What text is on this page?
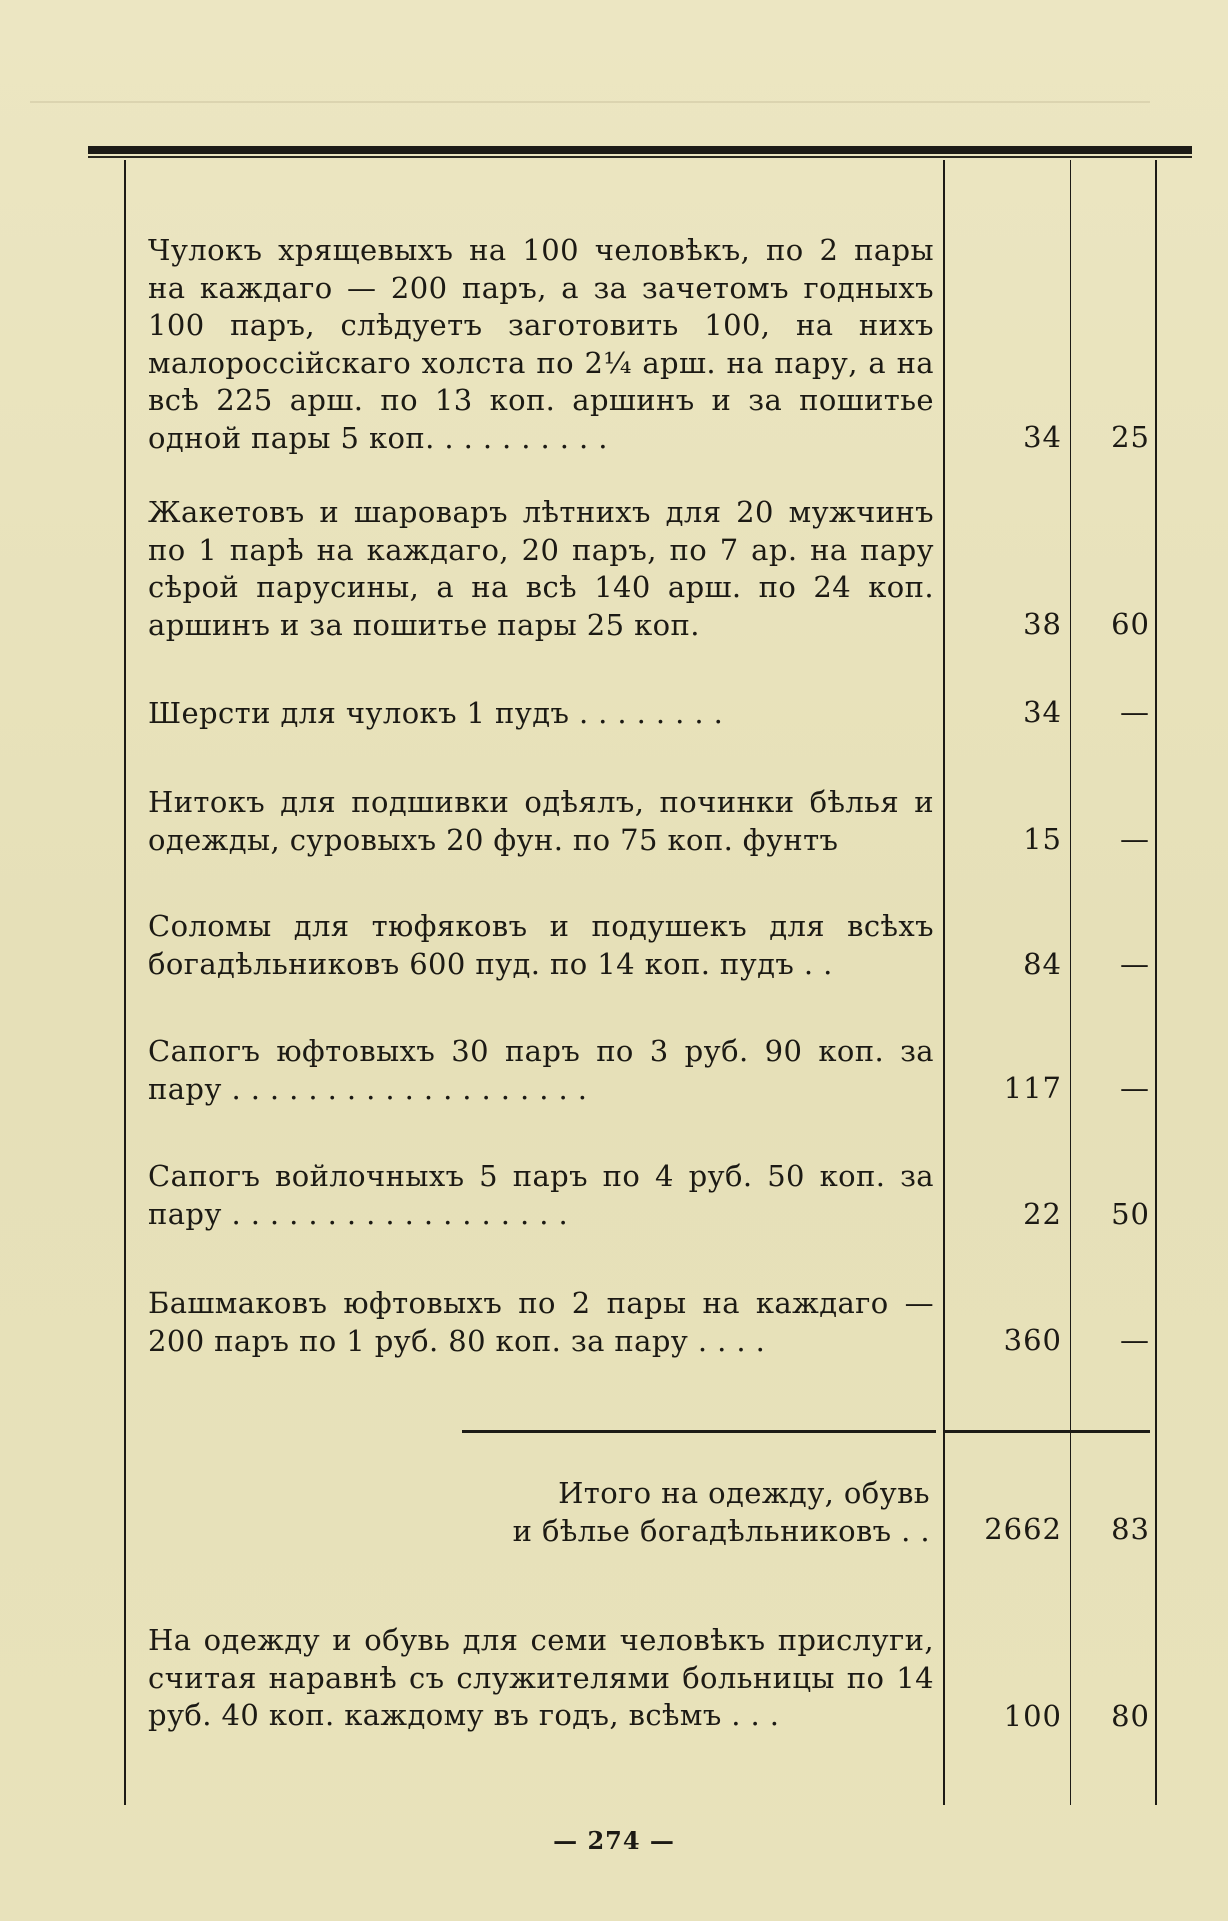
Чулокъ хрящевыхъ на 100 человѣкъ, по 2 пары на каждаго — 200 паръ, а за зачетомъ годныхъ 100 паръ, слѣдуетъ заготовить 100, на нихъ малороссійскаго холста по 2¼ арш. на пару, а на всѣ 225 арш. по 13 коп. аршинъ и за пошитье одной пары 5 коп. . . . . . . . . .	34	25
Жакетовъ и шароваръ лѣтнихъ для 20 мужчинъ по 1 парѣ на каждаго, 20 паръ, по 7 ар. на пару сѣрой парусины, а на всѣ 140 арш. по 24 коп. аршинъ и за пошитье пары 25 коп.	38	60
Шерсти для чулокъ 1 пудъ . . . . . . . .	34	—
Нитокъ для подшивки одѣялъ, починки бѣлья и одежды, суровыхъ 20 фун. по 75 коп. фунтъ	15	—
Соломы для тюфяковъ и подушекъ для всѣхъ богадѣльниковъ 600 пуд. по 14 коп. пудъ . .	84	—
Сапогъ юфтовыхъ 30 паръ по 3 руб. 90 коп. за пару . . . . . . . . . . . . . . . . . . .	117	—
Сапогъ войлочныхъ 5 паръ по 4 руб. 50 коп. за пару . . . . . . . . . . . . . . . . . .	22	50
Башмаковъ юфтовыхъ по 2 пары на каждаго — 200 паръ по 1 руб. 80 коп. за пару . . . .	360	—
Итого на одежду, обувь
и бѣлье богадѣльниковъ . .	2662	83
На одежду и обувь для семи человѣкъ прислуги, считая наравнѣ съ служителями больницы по 14 руб. 40 коп. каждому въ годъ, всѣмъ . . .	100	80
— 274 —
